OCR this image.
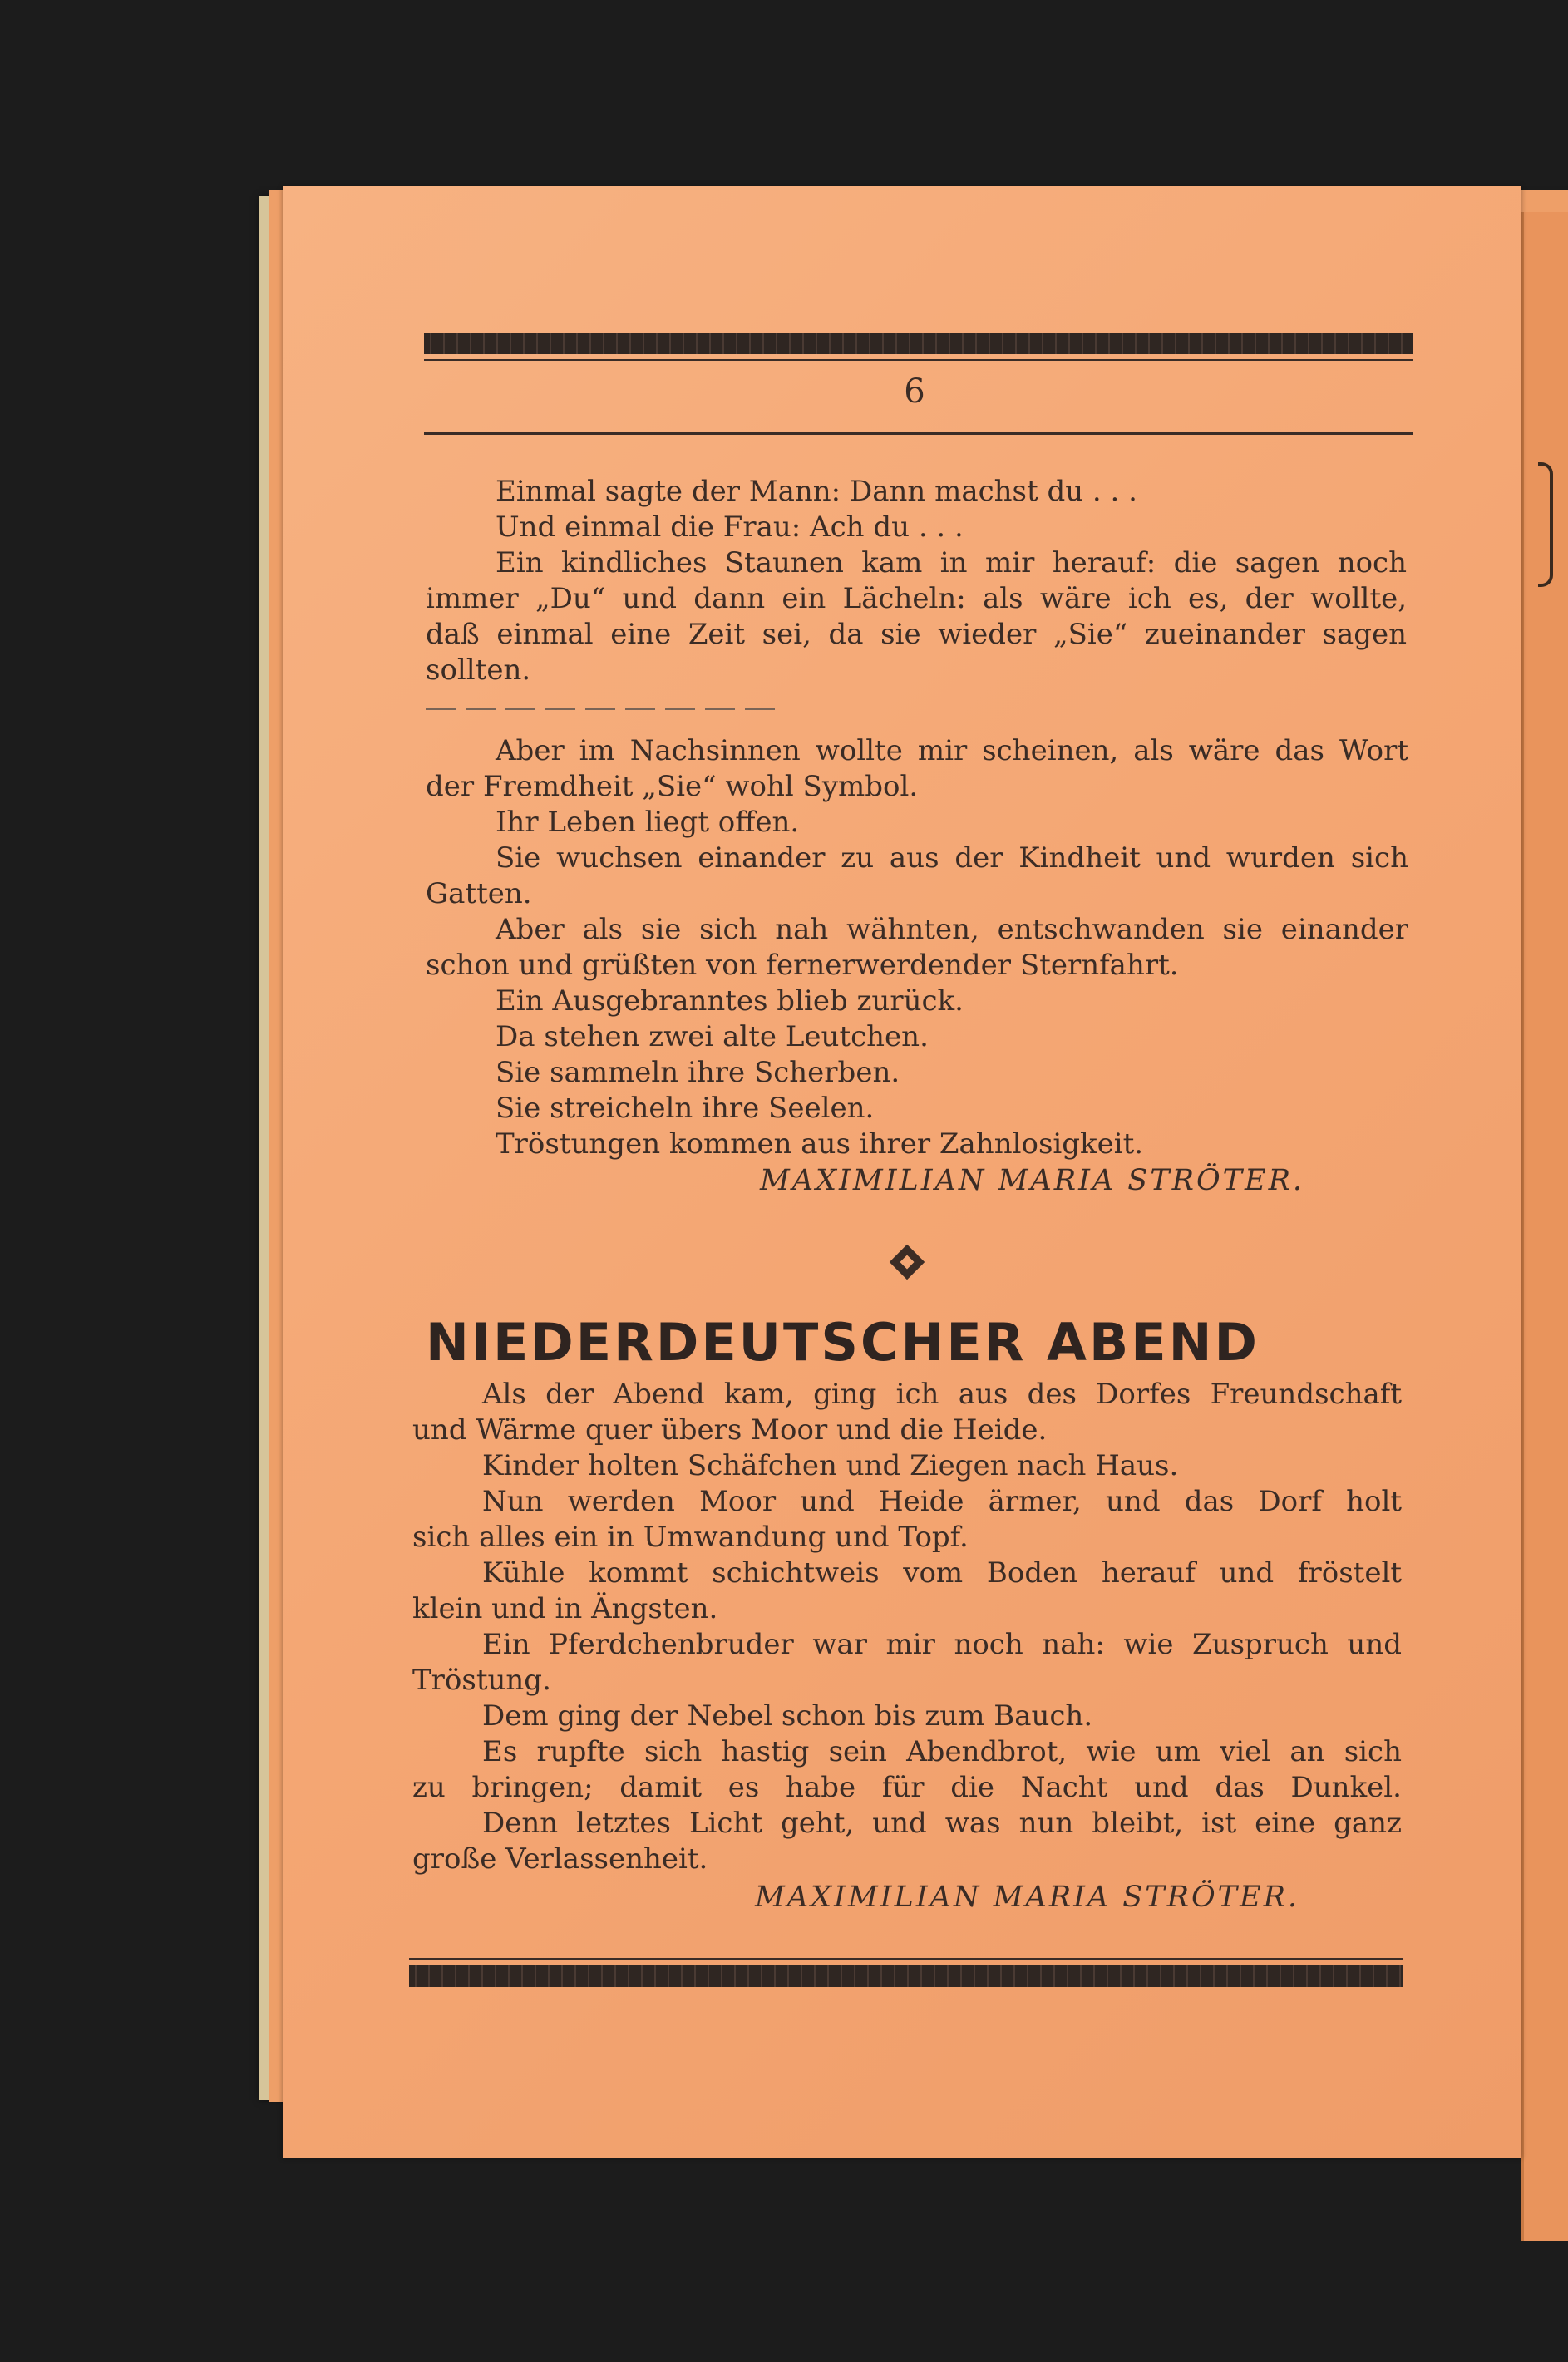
6
Einmal sagte der Mann: Dann machst du . . .
Und einmal die Frau: Ach du . . .
Ein kindliches Staunen kam in mir herauf: die sagen noch
immer „Du“ und dann ein Lächeln: als wäre ich es, der wollte,
daß einmal eine Zeit sei, da sie wieder „Sie“ zueinander sagen
sollten.
Aber im Nachsinnen wollte mir scheinen, als wäre das Wort
der Fremdheit „Sie“ wohl Symbol.
Ihr Leben liegt offen.
Sie wuchsen einander zu aus der Kindheit und wurden sich
Gatten.
Aber als sie sich nah wähnten, entschwanden sie einander
schon und grüßten von fernerwerdender Sternfahrt.
Ein Ausgebranntes blieb zurück.
Da stehen zwei alte Leutchen.
Sie sammeln ihre Scherben.
Sie streicheln ihre Seelen.
Tröstungen kommen aus ihrer Zahnlosigkeit.
MAXIMILIAN MARIA STRÖTER.
NIEDERDEUTSCHER ABEND
Als der Abend kam, ging ich aus des Dorfes Freundschaft
und Wärme quer übers Moor und die Heide.
Kinder holten Schäfchen und Ziegen nach Haus.
Nun werden Moor und Heide ärmer, und das Dorf holt
sich alles ein in Umwandung und Topf.
Kühle kommt schichtweis vom Boden herauf und fröstelt
klein und in Ängsten.
Ein Pferdchenbruder war mir noch nah: wie Zuspruch und
Tröstung.
Dem ging der Nebel schon bis zum Bauch.
Es rupfte sich hastig sein Abendbrot, wie um viel an sich
zu bringen; damit es habe für die Nacht und das Dunkel.
Denn letztes Licht geht, und was nun bleibt, ist eine ganz
große Verlassenheit.
MAXIMILIAN MARIA STRÖTER.
